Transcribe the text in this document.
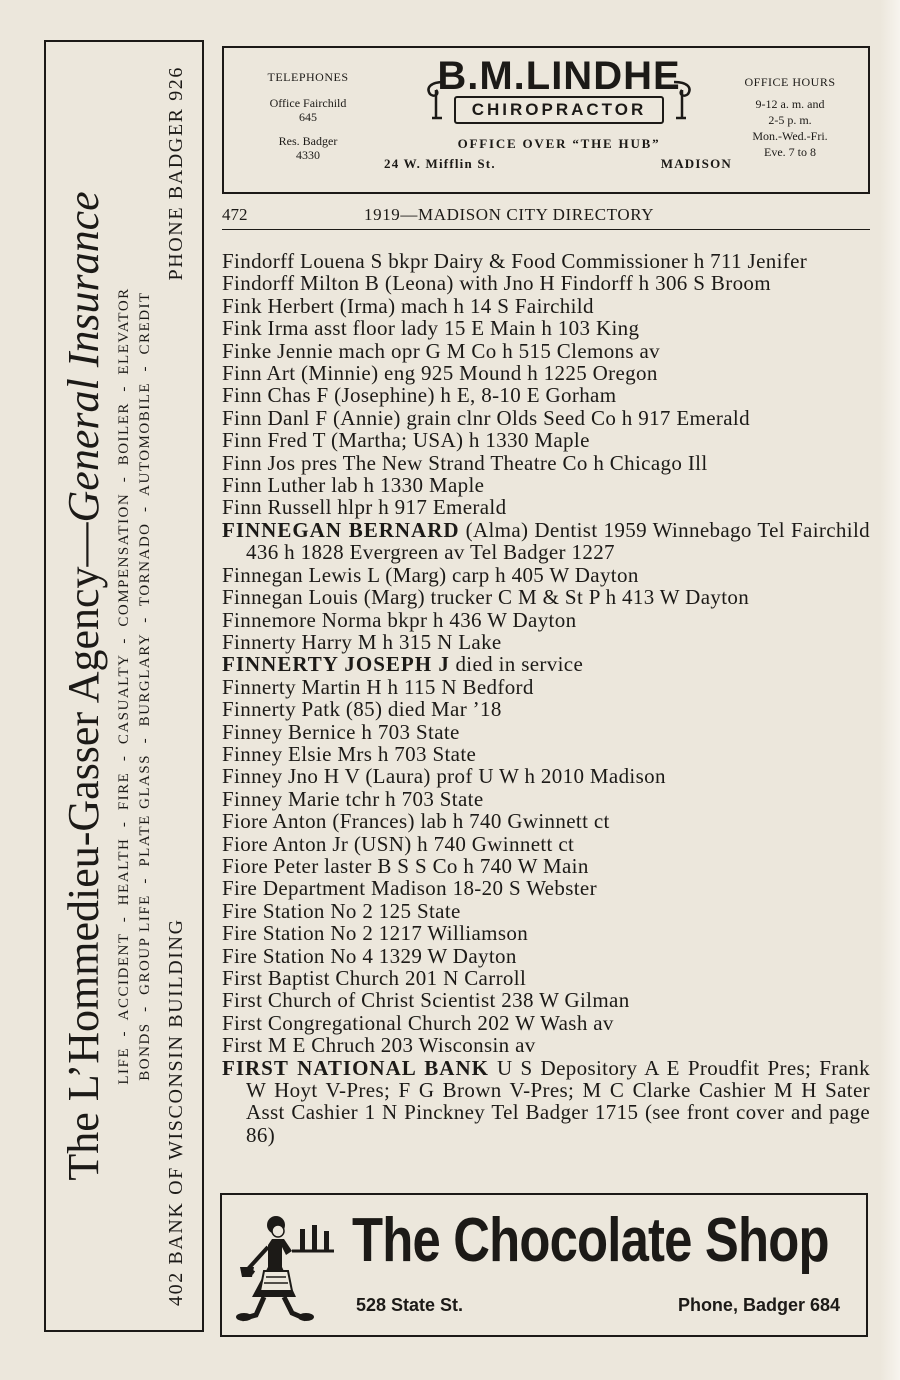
The L’Hommedieu-Gasser Agency—General Insurance LIFE  -  ACCIDENT  -  HEALTH  -  FIRE  -  CASUALTY  -  COMPENSATION  -  BOILER  -  ELEVATOR BONDS  -  GROUP LIFE  -  PLATE GLASS  -  BURGLARY  -  TORNADO  -  AUTOMOBILE  -  CREDIT
402 BANK OF WISCONSIN BUILDING
PHONE BADGER 926	TELEPHONES
Office Fairchild
645
Res. Badger
4330
B.M.LINDHE
CHIROPRACTOR
OFFICE OVER “THE HUB”
24 W. Mifflin St.	MADISON
OFFICE HOURS
9-12 a. m. and
2-5 p. m.
Mon.-Wed.-Fri.
Eve. 7 to 8
472	1919—MADISON CITY DIRECTORY
Findorff Louena S bkpr Dairy & Food Commissioner h 711 Jenifer
Findorff Milton B (Leona) with Jno H Findorff h 306 S Broom
Fink Herbert (Irma) mach h 14 S Fairchild
Fink Irma asst floor lady 15 E Main h 103 King
Finke Jennie mach opr G M Co h 515 Clemons av
Finn Art (Minnie) eng 925 Mound h 1225 Oregon
Finn Chas F (Josephine) h E, 8-10 E Gorham
Finn Danl F (Annie) grain clnr Olds Seed Co h 917 Emerald
Finn Fred T (Martha; USA) h 1330 Maple
Finn Jos pres The New Strand Theatre Co h Chicago Ill
Finn Luther lab h 1330 Maple
Finn Russell hlpr h 917 Emerald
FINNEGAN BERNARD (Alma) Dentist 1959 Winnebago Tel Fairchild 436 h 1828 Evergreen av Tel Badger 1227
Finnegan Lewis L (Marg) carp h 405 W Dayton
Finnegan Louis (Marg) trucker C M & St P h 413 W Dayton
Finnemore Norma bkpr h 436 W Dayton
Finnerty Harry M h 315 N Lake
FINNERTY JOSEPH J died in service
Finnerty Martin H h 115 N Bedford
Finnerty Patk (85) died Mar ’18
Finney Bernice h 703 State
Finney Elsie Mrs h 703 State
Finney Jno H V (Laura) prof U W h 2010 Madison
Finney Marie tchr h 703 State
Fiore Anton (Frances) lab h 740 Gwinnett ct
Fiore Anton Jr (USN) h 740 Gwinnett ct
Fiore Peter laster B S S Co h 740 W Main
Fire Department Madison 18-20 S Webster
Fire Station No 2 125 State
Fire Station No 2 1217 Williamson
Fire Station No 4 1329 W Dayton
First Baptist Church 201 N Carroll
First Church of Christ Scientist 238 W Gilman
First Congregational Church 202 W Wash av
First M E Chruch 203 Wisconsin av
FIRST NATIONAL BANK U S Depository A E Proudfit Pres; Frank W Hoyt V-Pres; F G Brown V-Pres; M C Clarke Cashier M H Sater Asst Cashier 1 N Pinckney Tel Badger 1715 (see front cover and page 86)
The Chocolate Shop
528 State St.	Phone, Badger 684
